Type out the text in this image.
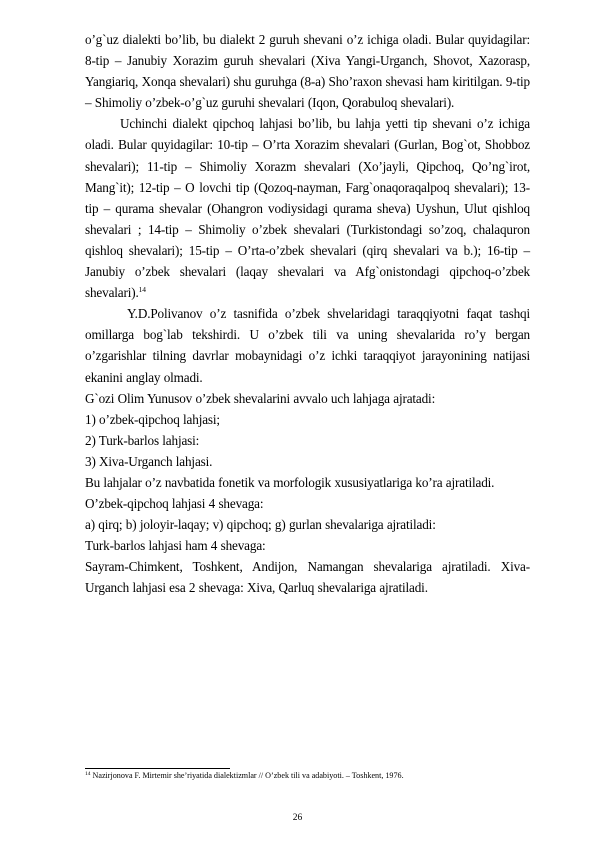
o’g`uz dialekti bo’lib, bu dialekt 2 guruh shevani o’z ichiga oladi. Bular quyidagilar: 8-tip – Janubiy Xorazim guruh shevalari (Xiva Yangi-Urganch, Shovot, Xazorasp, Yangiariq, Xonqa shevalari) shu guruhga (8-a) Sho’raxon shevasi ham kiritilgan. 9-tip – Shimoliy o’zbek-o’g`uz guruhi shevalari (Iqon, Qorabuloq shevalari).

Uchinchi dialekt qipchoq lahjasi bo’lib, bu lahja yetti tip shevani o’z ichiga oladi. Bular quyidagilar: 10-tip – O’rta Xorazim shevalari (Gurlan, Bog`ot, Shobboz shevalari); 11-tip – Shimoliy Xorazm shevalari (Xo’jayli, Qipchoq, Qo’ng`irot, Mang`it); 12-tip – O lovchi tip (Qozoq-nayman, Farg`onaqoraqalpoq shevalari); 13-tip – qurama shevalar (Ohangron vodiysidagi qurama sheva) Uyshun, Ulut qishloq shevalari ; 14-tip – Shimoliy o’zbek shevalari (Turkistondagi so’zoq, chalaquron qishloq shevalari); 15-tip – O’rta-o’zbek shevalari (qirq shevalari va b.); 16-tip – Janubiy o’zbek shevalari (laqay shevalari va Afg`onistondagi qipchoq-o’zbek shevalari).$^{14}$

Y.D.Polivanov o’z tasnifida o’zbek shvelaridagi taraqqiyotni faqat tashqi omillarga bog`lab tekshirdi. U o’zbek tili va uning shevalarida ro’y bergan o’zgarishlar tilning davrlar mobaynidagi o’z ichki taraqqiyot jarayonining natijasi ekanini anglay olmadi.

G`ozi Olim Yunusov o’zbek shevalarini avvalo uch lahjaga ajratadi:

1) o’zbek-qipchoq lahjasi;

2) Turk-barlos lahjasi:

3) Xiva-Urganch lahjasi.

Bu lahjalar o’z navbatida fonetik va morfologik xususiyatlariga ko’ra ajratiladi.

O’zbek-qipchoq lahjasi 4 shevaga:

a) qirq; b) joloyir-laqay; v) qipchoq; g) gurlan shevalariga ajratiladi:

Turk-barlos lahjasi ham 4 shevaga:

Sayram-Chimkent, Toshkent, Andijon, Namangan shevalariga ajratiladi. Xiva-Urganch lahjasi esa 2 shevaga: Xiva, Qarluq shevalariga ajratiladi.

$^{14}$ Nazirjonova F. Mirtemir she’riyatida dialektizmlar // O’zbek tili va adabiyoti. – Toshkent, 1976.
26
